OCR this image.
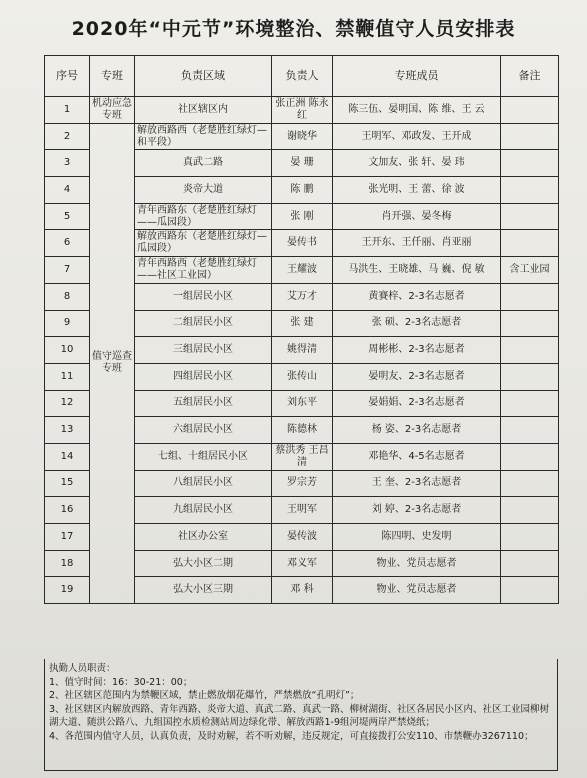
2020年“中元节”环境整治、禁鞭值守人员安排表
序号	专班	负责区域	负责人	专班成员	备注
1	机动应急专班	社区辖区内	张正洲 陈永红	陈三伍、晏明国、陈 维、王 云	
2	值守巡查专班	解放西路西（老楚胜红绿灯—和平段）	谢晓华	王明军、邓政发、王开成	
3		真武二路	晏 珊	文加友、张 轩、晏 玮	
4		炎帝大道	陈 鹏	张光明、王 蕾、徐 波	
5		青年西路东（老楚胜红绿灯——瓜园段）	张 刚	肖开强、晏冬梅	
6		解放西路东（老楚胜红绿灯—瓜园段）	晏传书	王开东、王仟丽、肖亚丽	
7		青年西路西（老楚胜红绿灯——社区工业园）	王耀波	马洪生、王晓雄、马 巍、倪 敏	含工业园
8		一组居民小区	艾万才	黄賽梓、2-3名志愿者	
9		二组居民小区	张 建	张 硕、2-3名志愿者	
10		三组居民小区	姚得清	周彬彬、2-3名志愿者	
11		四组居民小区	张传山	晏明友、2-3名志愿者	
12		五组居民小区	刘东平	晏娟娟、2-3名志愿者	
13		六组居民小区	陈德林	杨 姿、2-3名志愿者	
14		七组、十组居民小区	蔡洪秀 王昌清	邓艳华、4-5名志愿者	
15		八组居民小区	罗宗芳	王 奎、2-3名志愿者	
16		九组居民小区	王明军	刘 婷、2-3名志愿者	
17		社区办公室	晏传波	陈四明、史发明	
18		弘大小区二期	邓义军	物业、党员志愿者	
19		弘大小区三期	邓 科	物业、党员志愿者	
执勤人员职责：
1、值守时间：16：30-21：00；
2、社区辖区范围内为禁鞭区域，禁止燃放烟花爆竹，严禁燃放“孔明灯”；
3、社区辖区内解放西路、青年西路、炎帝大道、真武二路、真武一路、柳树湖街、社区各居民小区内、社区工业园柳树湖大道、随洪公路八、九组国控水质检测站周边绿化带、解放西路1-9组河堤两岸严禁烧纸；
4、各范围内值守人员，认真负责，及时劝解，若不听劝解，违反规定，可直接拨打公安110、市禁鞭办3267110；
